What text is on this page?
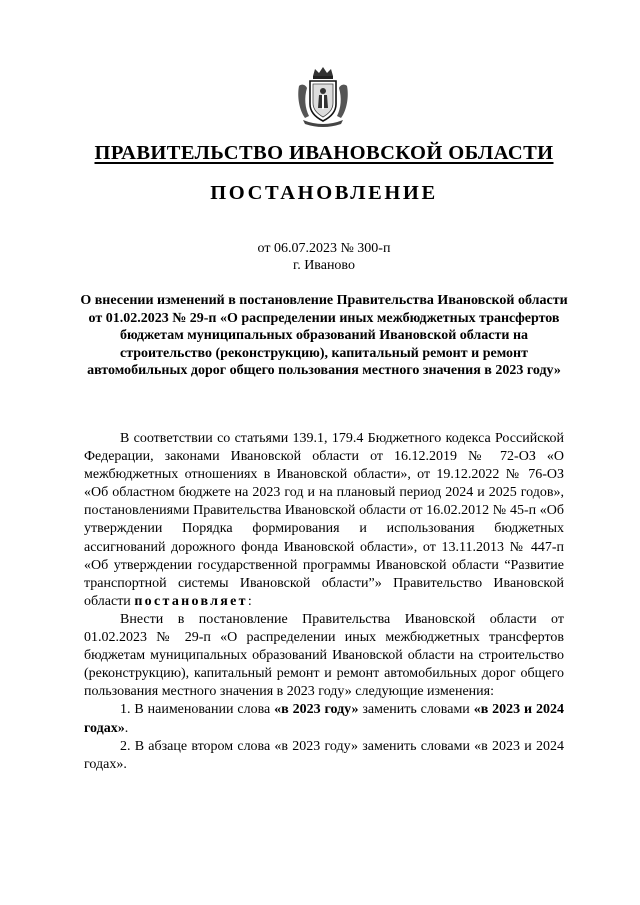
ПРАВИТЕЛЬСТВО ИВАНОВСКОЙ ОБЛАСТИ
ПОСТАНОВЛЕНИЕ
от 06.07.2023 № 300-п
г. Иваново
О внесении изменений в постановление Правительства Ивановской области от 01.02.2023 № 29-п «О распределении иных межбюджетных трансфертов бюджетам муниципальных образований Ивановской области на строительство (реконструкцию), капитальный ремонт и ремонт автомобильных дорог общего пользования местного значения в 2023 году»

В соответствии со статьями 139.1, 179.4 Бюджетного кодекса Российской Федерации, законами Ивановской области от 16.12.2019 № 72-ОЗ «О межбюджетных отношениях в Ивановской области», от 19.12.2022 № 76-ОЗ «Об областном бюджете на 2023 год и на плановый период 2024 и 2025 годов», постановлениями Правительства Ивановской области от 16.02.2012 № 45-п «Об утверждении Порядка формирования и использования бюджетных ассигнований дорожного фонда Ивановской области», от 13.11.2013 № 447-п «Об утверждении государственной программы Ивановской области “Развитие транспортной системы Ивановской области”» Правительство Ивановской области постановляет:

Внести в постановление Правительства Ивановской области от 01.02.2023 № 29-п «О распределении иных межбюджетных трансфертов бюджетам муниципальных образований Ивановской области на строительство (реконструкцию), капитальный ремонт и ремонт автомобильных дорог общего пользования местного значения в 2023 году» следующие изменения:

1. В наименовании слова «в 2023 году» заменить словами «в 2023 и 2024 годах».

2. В абзаце втором слова «в 2023 году» заменить словами «в 2023 и 2024 годах».
